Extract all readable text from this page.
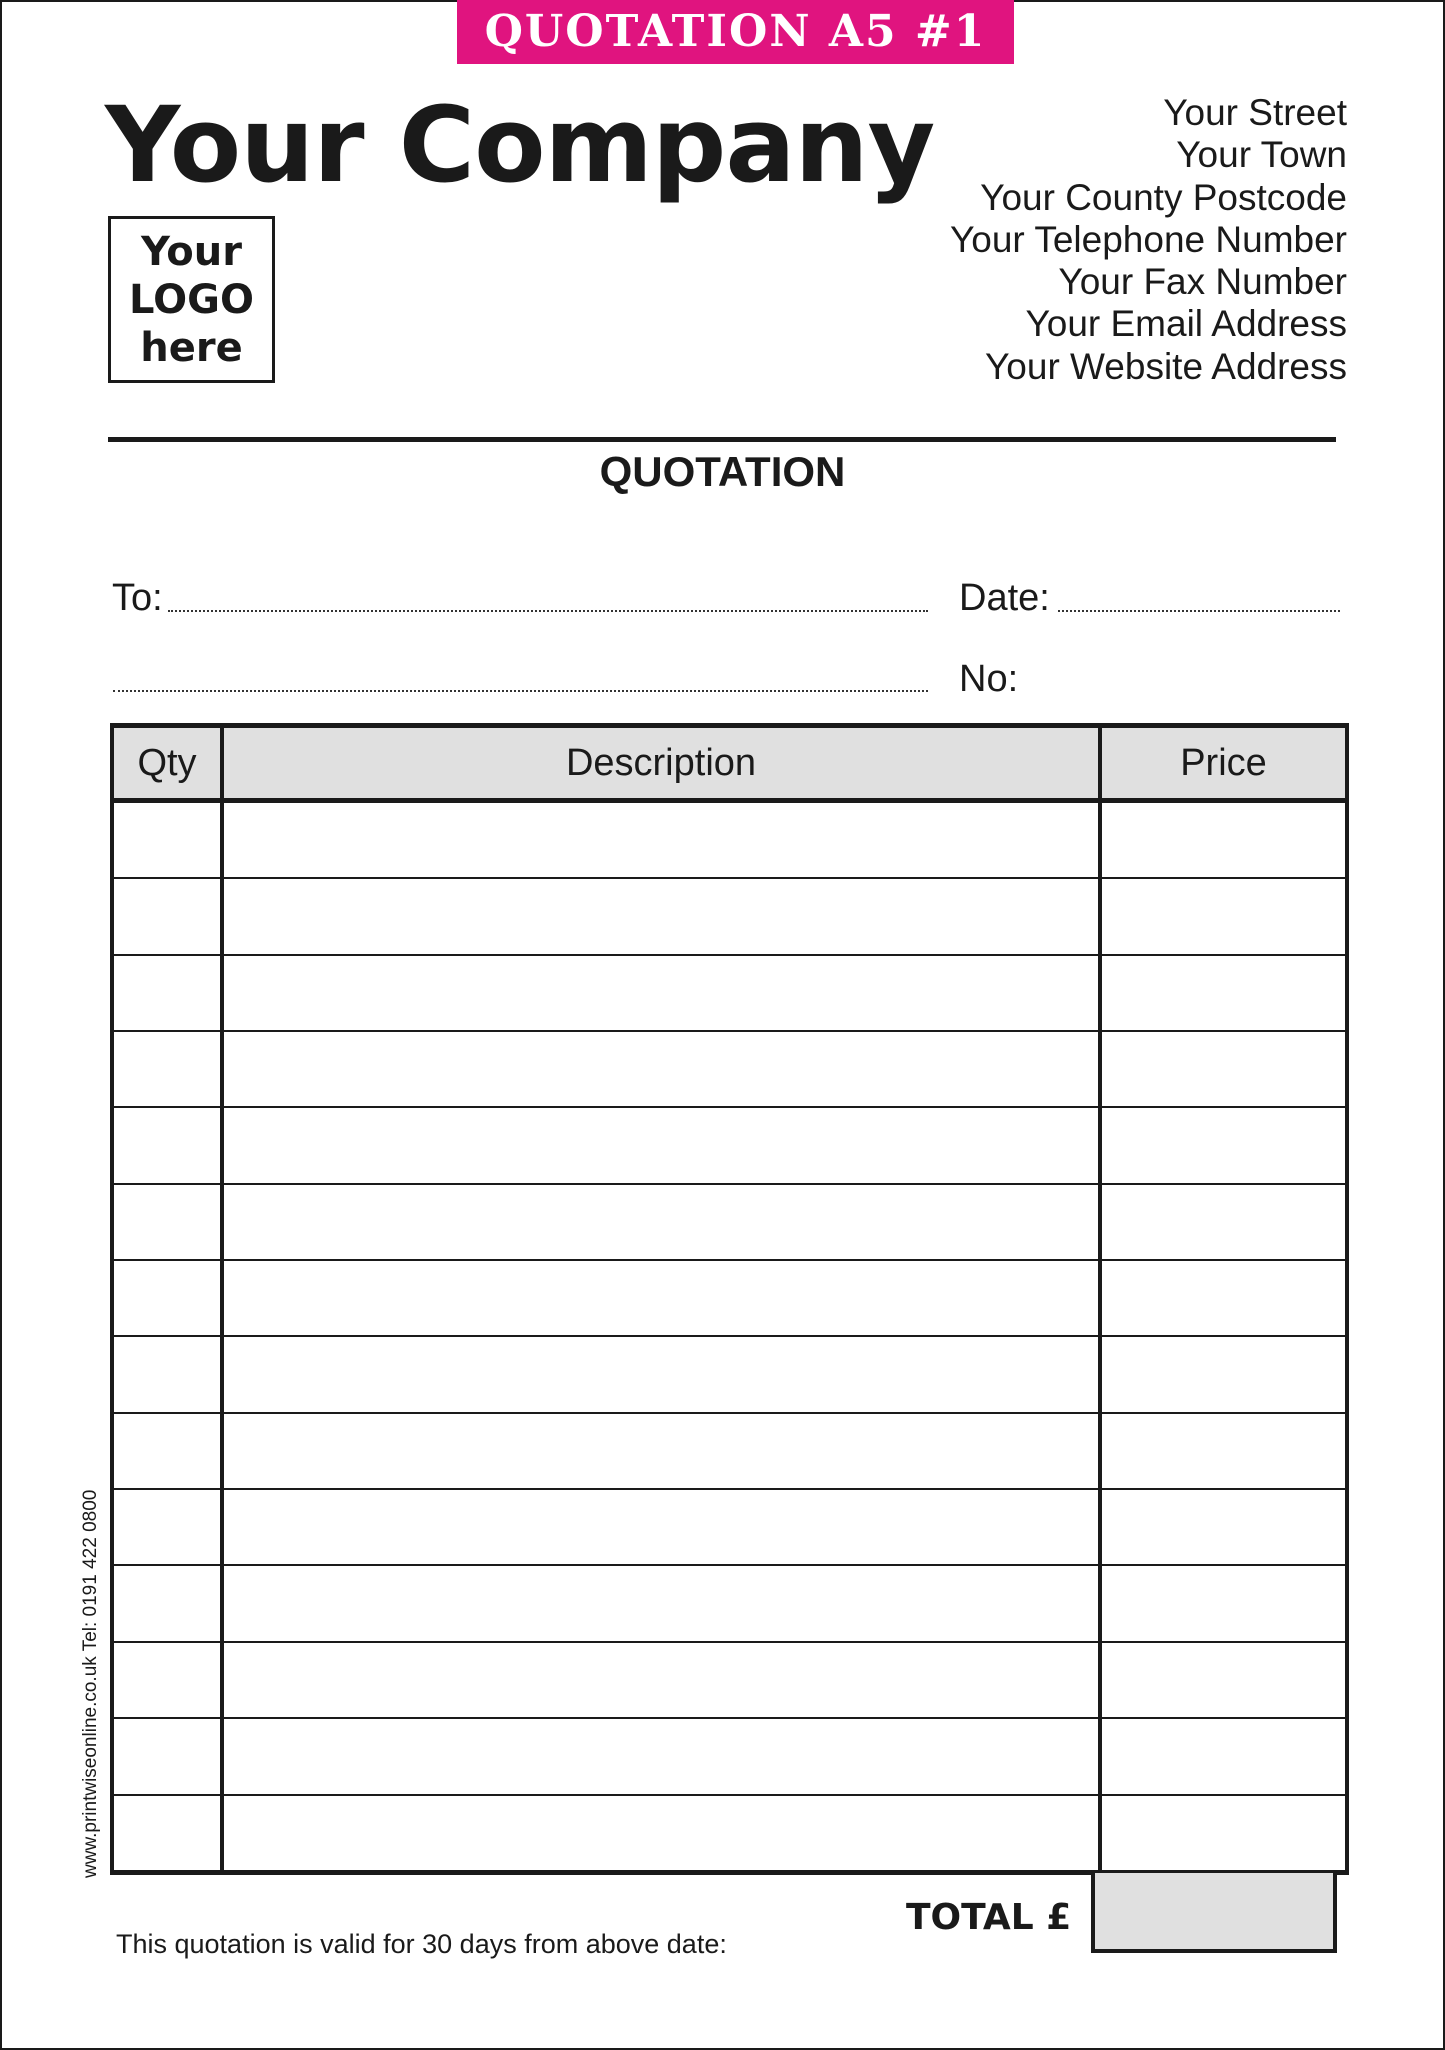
QUOTATION A5 #1
Your Company
Your
LOGO
here
Your Street
Your Town
Your County Postcode
Your Telephone Number
Your Fax Number
Your Email Address
Your Website Address
QUOTATION
To:	Date:
No:
Qty	Description	Price

TOTAL £
This quotation is valid for 30 days from above date:
www.printwiseonline.co.uk Tel: 0191 422 0800
